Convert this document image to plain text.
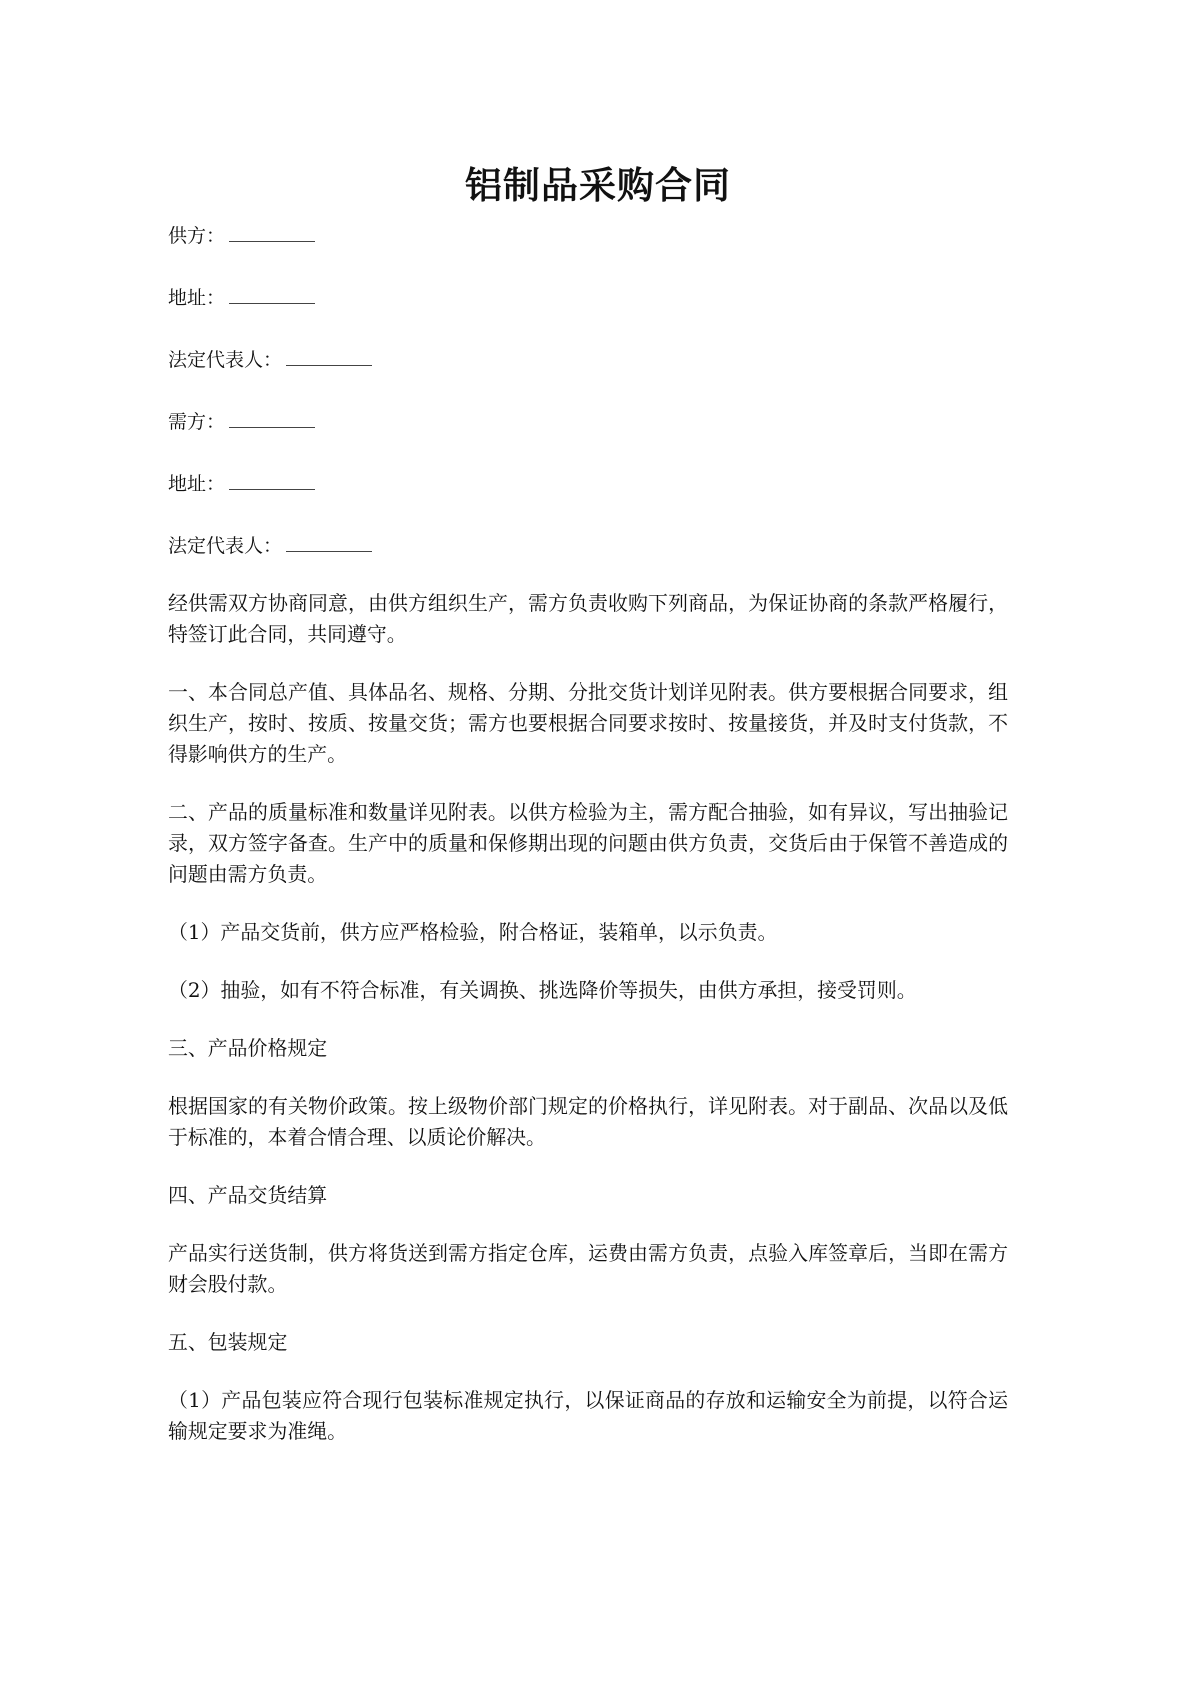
铝制品采购合同
供方：
地址：
法定代表人：
需方：
地址：
法定代表人：

经供需双方协商同意，由供方组织生产，需方负责收购下列商品，为保证协商的条款严格履行，特签订此合同，共同遵守。

一、本合同总产值、具体品名、规格、分期、分批交货计划详见附表。供方要根据合同要求，组织生产，按时、按质、按量交货；需方也要根据合同要求按时、按量接货，并及时支付货款，不得影响供方的生产。

二、产品的质量标准和数量详见附表。以供方检验为主，需方配合抽验，如有异议，写出抽验记录，双方签字备查。生产中的质量和保修期出现的问题由供方负责，交货后由于保管不善造成的问题由需方负责。

（1）产品交货前，供方应严格检验，附合格证，装箱单，以示负责。

（2）抽验，如有不符合标准，有关调换、挑选降价等损失，由供方承担，接受罚则。

三、产品价格规定

根据国家的有关物价政策。按上级物价部门规定的价格执行，详见附表。对于副品、次品以及低于标准的，本着合情合理、以质论价解决。

四、产品交货结算

产品实行送货制，供方将货送到需方指定仓库，运费由需方负责，点验入库签章后，当即在需方财会股付款。

五、包装规定

（1）产品包装应符合现行包装标准规定执行，以保证商品的存放和运输安全为前提，以符合运输规定要求为准绳。
